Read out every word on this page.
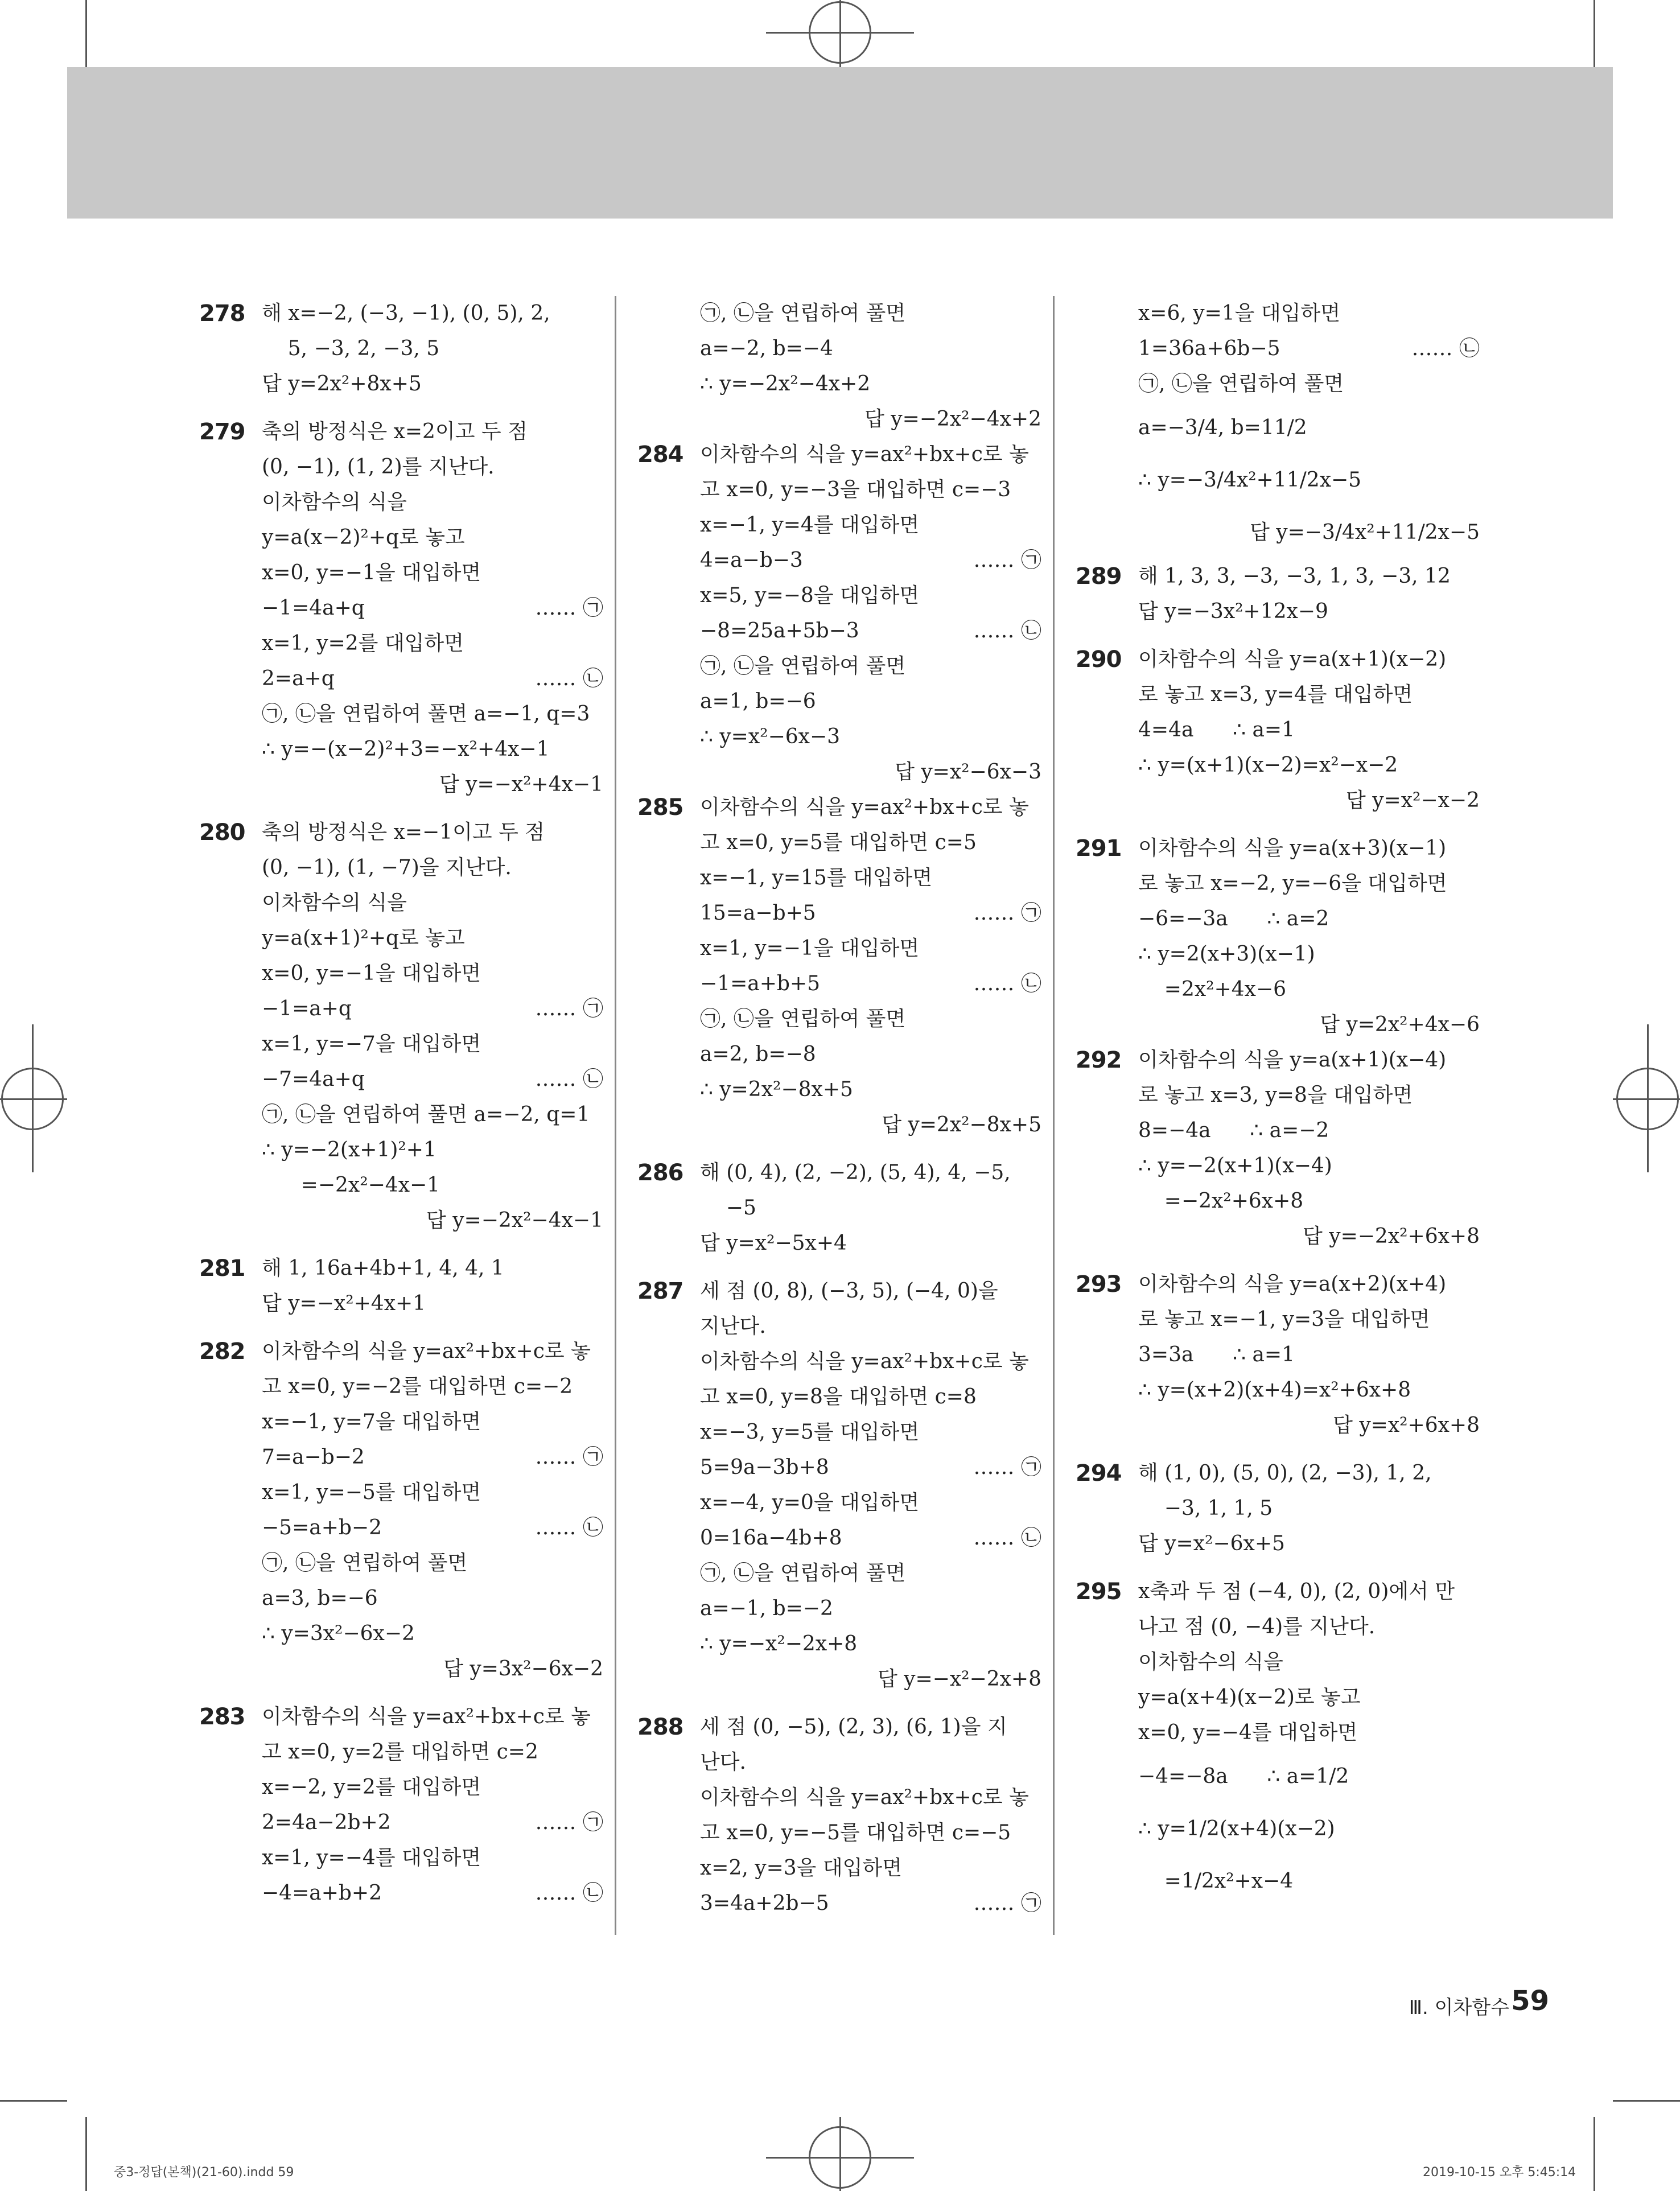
278 해 x=−2, (−3, −1), (0, 5), 2,
5, −3, 2, −3, 5
답 y=2x²+8x+5
279 축의 방정식은 x=2이고 두 점
(0, −1), (1, 2)를 지난다.
이차함수의 식을
y=a(x−2)²+q로 놓고
x=0, y=−1을 대입하면
−1=4a+q	…… ㉠
x=1, y=2를 대입하면
2=a+q	…… ㉡
㉠, ㉡을 연립하여 풀면 a=−1, q=3
∴ y=−(x−2)²+3=−x²+4x−1
답 y=−x²+4x−1
280 축의 방정식은 x=−1이고 두 점
(0, −1), (1, −7)을 지난다.
이차함수의 식을
y=a(x+1)²+q로 놓고
x=0, y=−1을 대입하면
−1=a+q	…… ㉠
x=1, y=−7을 대입하면
−7=4a+q	…… ㉡
㉠, ㉡을 연립하여 풀면 a=−2, q=1
∴ y=−2(x+1)²+1
=−2x²−4x−1
답 y=−2x²−4x−1
281 해 1, 16a+4b+1, 4, 4, 1
답 y=−x²+4x+1
282 이차함수의 식을 y=ax²+bx+c로 놓
고 x=0, y=−2를 대입하면 c=−2
x=−1, y=7을 대입하면
7=a−b−2	…… ㉠
x=1, y=−5를 대입하면
−5=a+b−2	…… ㉡
㉠, ㉡을 연립하여 풀면
a=3, b=−6
∴ y=3x²−6x−2
답 y=3x²−6x−2
283 이차함수의 식을 y=ax²+bx+c로 놓
고 x=0, y=2를 대입하면 c=2
x=−2, y=2를 대입하면
2=4a−2b+2	…… ㉠
x=1, y=−4를 대입하면
−4=a+b+2	…… ㉡
㉠, ㉡을 연립하여 풀면
a=−2, b=−4
∴ y=−2x²−4x+2
답 y=−2x²−4x+2
284 이차함수의 식을 y=ax²+bx+c로 놓
고 x=0, y=−3을 대입하면 c=−3
x=−1, y=4를 대입하면
4=a−b−3	…… ㉠
x=5, y=−8을 대입하면
−8=25a+5b−3	…… ㉡
㉠, ㉡을 연립하여 풀면
a=1, b=−6
∴ y=x²−6x−3
답 y=x²−6x−3
285 이차함수의 식을 y=ax²+bx+c로 놓
고 x=0, y=5를 대입하면 c=5
x=−1, y=15를 대입하면
15=a−b+5	…… ㉠
x=1, y=−1을 대입하면
−1=a+b+5	…… ㉡
㉠, ㉡을 연립하여 풀면
a=2, b=−8
∴ y=2x²−8x+5
답 y=2x²−8x+5
286 해 (0, 4), (2, −2), (5, 4), 4, −5,
−5
답 y=x²−5x+4
287 세 점 (0, 8), (−3, 5), (−4, 0)을
지난다.
이차함수의 식을 y=ax²+bx+c로 놓
고 x=0, y=8을 대입하면 c=8
x=−3, y=5를 대입하면
5=9a−3b+8	…… ㉠
x=−4, y=0을 대입하면
0=16a−4b+8	…… ㉡
㉠, ㉡을 연립하여 풀면
a=−1, b=−2
∴ y=−x²−2x+8
답 y=−x²−2x+8
288 세 점 (0, −5), (2, 3), (6, 1)을 지
난다.
이차함수의 식을 y=ax²+bx+c로 놓
고 x=0, y=−5를 대입하면 c=−5
x=2, y=3을 대입하면
3=4a+2b−5	…… ㉠
x=6, y=1을 대입하면
1=36a+6b−5	…… ㉡
㉠, ㉡을 연립하여 풀면
a=−3/4, b=11/2
∴ y=−3/4x²+11/2x−5
답 y=−3/4x²+11/2x−5
289 해 1, 3, 3, −3, −3, 1, 3, −3, 12
답 y=−3x²+12x−9
290 이차함수의 식을 y=a(x+1)(x−2)
로 놓고 x=3, y=4를 대입하면
4=4a      ∴ a=1
∴ y=(x+1)(x−2)=x²−x−2
답 y=x²−x−2
291 이차함수의 식을 y=a(x+3)(x−1)
로 놓고 x=−2, y=−6을 대입하면
−6=−3a      ∴ a=2
∴ y=2(x+3)(x−1)
=2x²+4x−6
답 y=2x²+4x−6
292 이차함수의 식을 y=a(x+1)(x−4)
로 놓고 x=3, y=8을 대입하면
8=−4a      ∴ a=−2
∴ y=−2(x+1)(x−4)
=−2x²+6x+8
답 y=−2x²+6x+8
293 이차함수의 식을 y=a(x+2)(x+4)
로 놓고 x=−1, y=3을 대입하면
3=3a      ∴ a=1
∴ y=(x+2)(x+4)=x²+6x+8
답 y=x²+6x+8
294 해 (1, 0), (5, 0), (2, −3), 1, 2,
−3, 1, 1, 5
답 y=x²−6x+5
295 x축과 두 점 (−4, 0), (2, 0)에서 만
나고 점 (0, −4)를 지난다.
이차함수의 식을
y=a(x+4)(x−2)로 놓고
x=0, y=−4를 대입하면
−4=−8a      ∴ a=1/2
∴ y=1/2(x+4)(x−2)
=1/2x²+x−4
Ⅲ. 이차함수 59
중3-정답(본책)(21-60).indd 59	2019-10-15 오후 5:45:14
